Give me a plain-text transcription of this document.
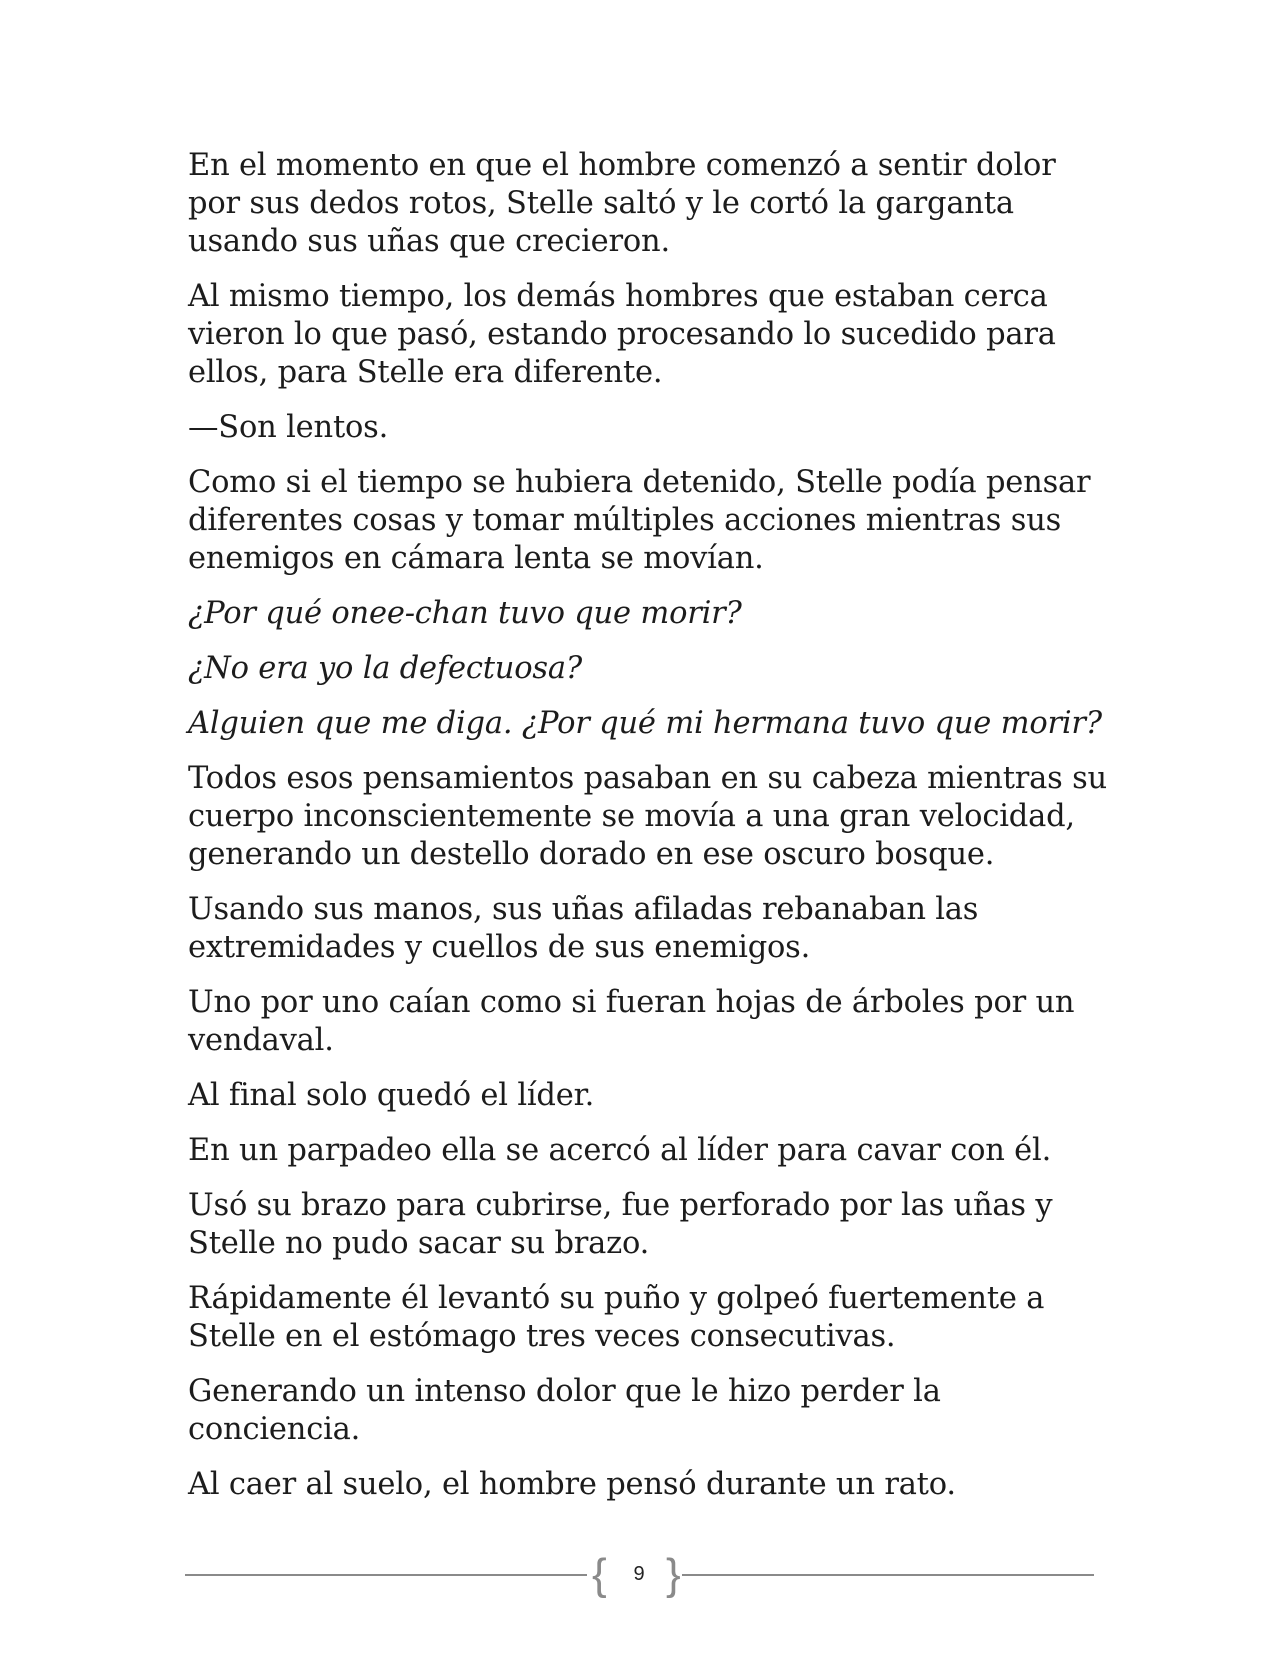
En el momento en que el hombre comenzó a sentir dolor por sus dedos rotos, Stelle saltó y le cortó la garganta usando sus uñas que crecieron.

Al mismo tiempo, los demás hombres que estaban cerca vieron lo que pasó, estando procesando lo sucedido para ellos, para Stelle era diferente.

—Son lentos.

Como si el tiempo se hubiera detenido, Stelle podía pensar diferentes cosas y tomar múltiples acciones mientras sus enemigos en cámara lenta se movían.

¿Por qué onee-chan tuvo que morir?

¿No era yo la defectuosa?

Alguien que me diga. ¿Por qué mi hermana tuvo que morir?

Todos esos pensamientos pasaban en su cabeza mientras su cuerpo inconscientemente se movía a una gran velocidad, generando un destello dorado en ese oscuro bosque.

Usando sus manos, sus uñas afiladas rebanaban las extremidades y cuellos de sus enemigos.

Uno por uno caían como si fueran hojas de árboles por un vendaval.

Al final solo quedó el líder.

En un parpadeo ella se acercó al líder para cavar con él.

Usó su brazo para cubrirse, fue perforado por las uñas y Stelle no pudo sacar su brazo.

Rápidamente él levantó su puño y golpeó fuertemente a Stelle en el estómago tres veces consecutivas.

Generando un intenso dolor que le hizo perder la conciencia.

Al caer al suelo, el hombre pensó durante un rato.

{	9 }
